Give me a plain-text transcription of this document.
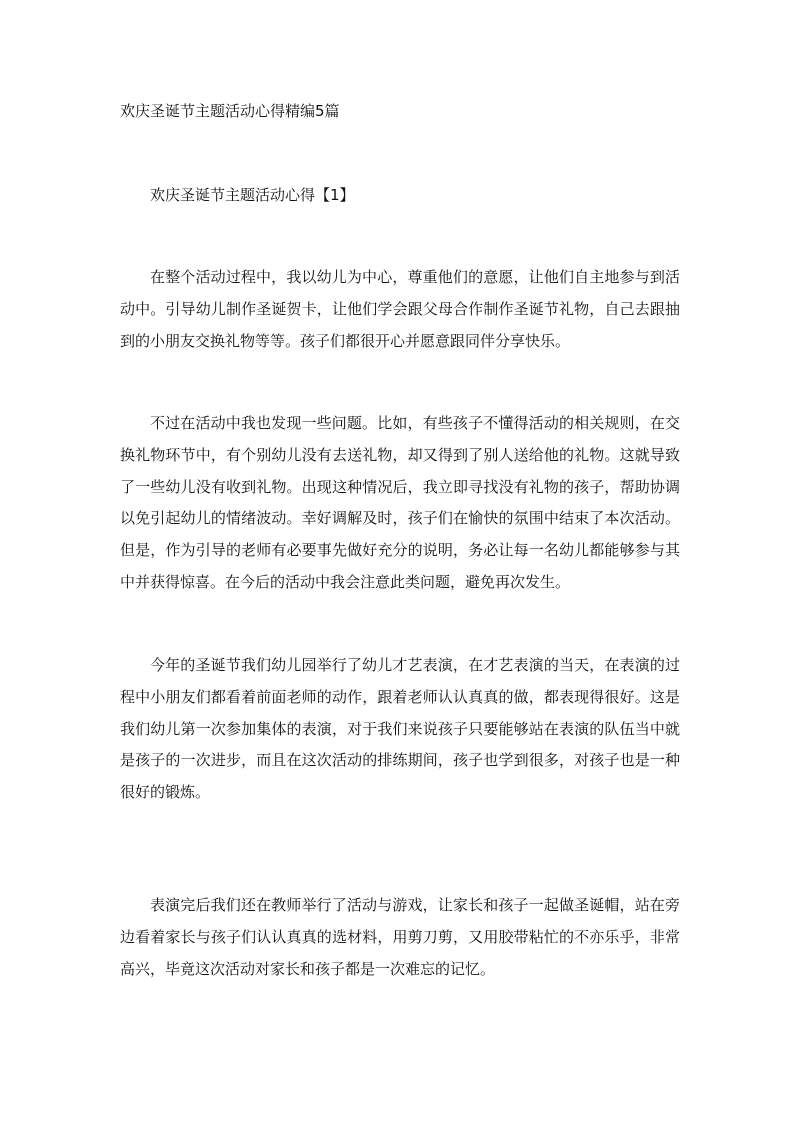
欢庆圣诞节主题活动心得精编5篇
欢庆圣诞节主题活动心得【1】

在整个活动过程中，我以幼儿为中心，尊重他们的意愿，让他们自主地参与到活动中。引导幼儿制作圣诞贺卡，让他们学会跟父母合作制作圣诞节礼物，自己去跟抽到的小朋友交换礼物等等。孩子们都很开心并愿意跟同伴分享快乐。

不过在活动中我也发现一些问题。比如，有些孩子不懂得活动的相关规则，在交换礼物环节中，有个别幼儿没有去送礼物，却又得到了别人送给他的礼物。这就导致了一些幼儿没有收到礼物。出现这种情况后，我立即寻找没有礼物的孩子，帮助协调以免引起幼儿的情绪波动。幸好调解及时，孩子们在愉快的氛围中结束了本次活动。但是，作为引导的老师有必要事先做好充分的说明，务必让每一名幼儿都能够参与其中并获得惊喜。在今后的活动中我会注意此类问题，避免再次发生。

今年的圣诞节我们幼儿园举行了幼儿才艺表演，在才艺表演的当天，在表演的过程中小朋友们都看着前面老师的动作，跟着老师认认真真的做，都表现得很好。这是我们幼儿第一次参加集体的表演，对于我们来说孩子只要能够站在表演的队伍当中就是孩子的一次进步，而且在这次活动的排练期间，孩子也学到很多，对孩子也是一种很好的锻炼。

表演完后我们还在教师举行了活动与游戏，让家长和孩子一起做圣诞帽，站在旁边看着家长与孩子们认认真真的选材料，用剪刀剪，又用胶带粘忙的不亦乐乎，非常高兴，毕竟这次活动对家长和孩子都是一次难忘的记忆。
